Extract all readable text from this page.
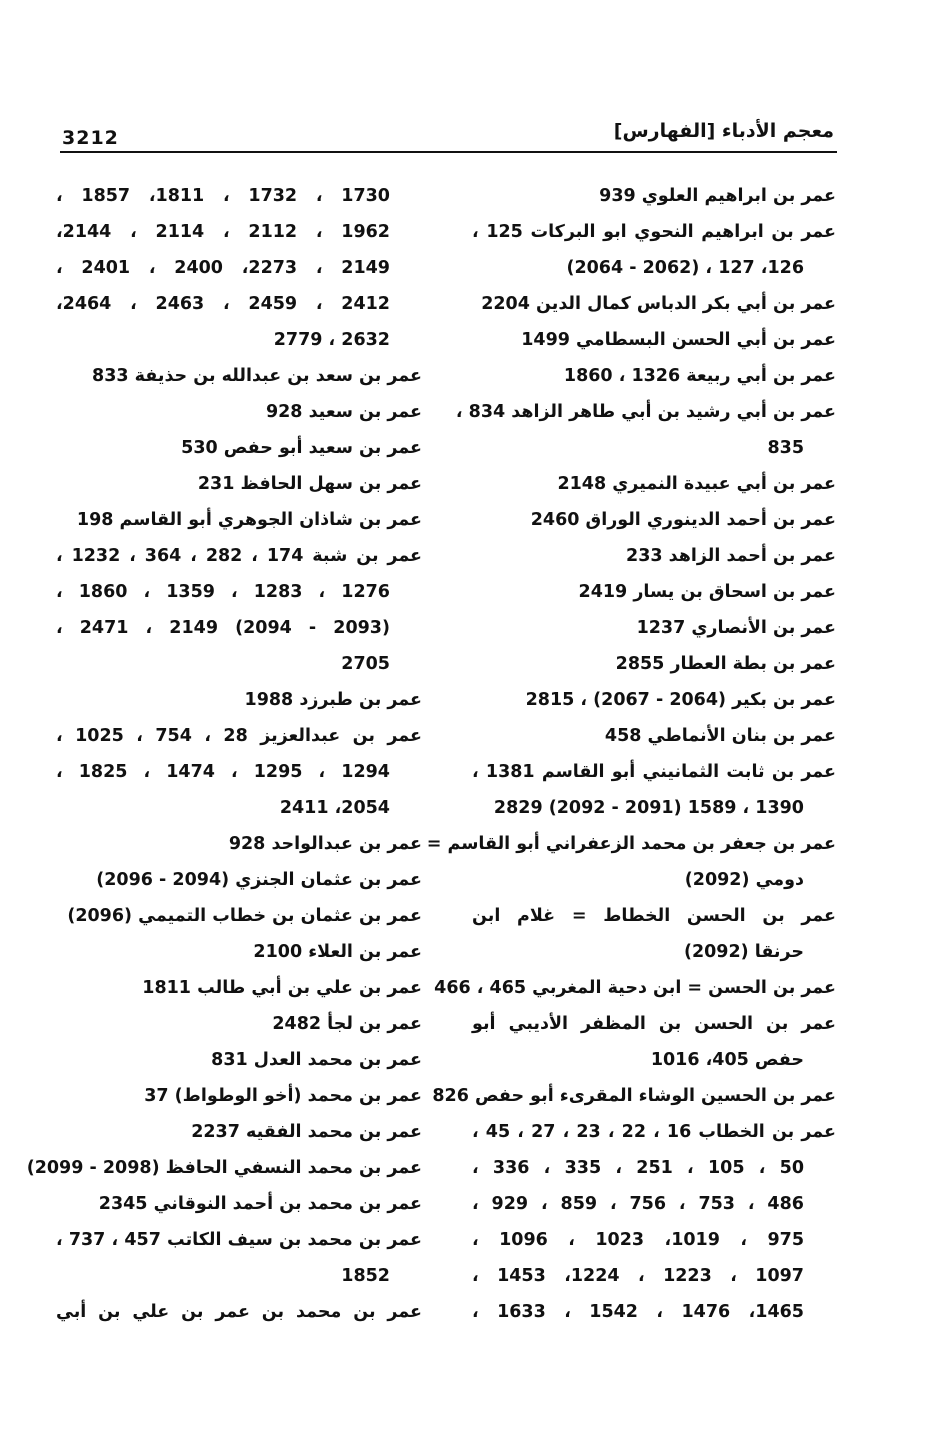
معجم الأدباء [الفهارس]
3212
عمر بن ابراهيم العلوي 939
عمر بن ابراهيم النحوي ابو البركات 125 ،
126، 127 ، (2062 - 2064)
عمر بن أبي بكر الدباس كمال الدين 2204
عمر بن أبي الحسن البسطامي 1499
عمر بن أبي ربيعة 1326 ، 1860
عمر بن أبي رشيد بن أبي طاهر الزاهد 834 ،
835
عمر بن أبي عبيدة النميري 2148
عمر بن أحمد الدينوري الوراق 2460
عمر بن أحمد الزاهد 233
عمر بن اسحاق بن يسار 2419
عمر بن الأنصاري 1237
عمر بن بطة العطار 2855
عمر بن بكير (2064 - 2067) ، 2815
عمر بن بنان الأنماطي 458
عمر بن ثابت الثمانيني أبو القاسم 1381 ،
1390 ، 1589 (2091 - 2092) 2829
عمر بن جعفر بن محمد الزعفراني أبو القاسم =
دومي (2092)
عمر بن الحسن الخطاط = غلام ابن
حرنقا (2092)
عمر بن الحسن = ابن دحية المغربي 465 ، 466
عمر بن الحسن بن المظفر الأديبي أبو
حفص 405، 1016
عمر بن الحسين الوشاء المقرىء أبو حفص 826
عمر بن الخطاب 16 ، 22 ، 23 ، 27 ، 45 ،
50 ، 105 ، 251 ، 335 ، 336 ،
486 ، 753 ، 756 ، 859 ، 929 ،
975 ، 1019، 1023 ، 1096 ،
1097 ، 1223 ، 1224، 1453 ،
1465، 1476 ، 1542 ، 1633 ،
1730 ، 1732 ، 1811، 1857 ،
1962 ، 2112 ، 2114 ، 2144،
2149 ، 2273، 2400 ، 2401 ،
2412 ، 2459 ، 2463 ، 2464،
2632 ، 2779
عمر بن سعد بن عبدالله بن حذيفة 833
عمر بن سعيد 928
عمر بن سعيد أبو حفص 530
عمر بن سهل الحافظ 231
عمر بن شاذان الجوهري أبو القاسم 198
عمر بن شبة 174 ، 282 ، 364 ، 1232 ،
1276 ، 1283 ، 1359 ، 1860 ،
(2093 - 2094) 2149 ، 2471 ،
2705
عمر بن طبرزد 1988
عمر بن عبدالعزيز 28 ، 754 ، 1025 ،
1294 ، 1295 ، 1474 ، 1825 ،
2054، 2411
عمر بن عبدالواحد 928
عمر بن عثمان الجنزي (2094 - 2096)
عمر بن عثمان بن خطاب التميمي (2096)
عمر بن العلاء 2100
عمر بن علي بن أبي طالب 1811
عمر بن لجأ 2482
عمر بن محمد العدل 831
عمر بن محمد (أخو الوطواط) 37
عمر بن محمد الفقيه 2237
عمر بن محمد النسفي الحافظ (2098 - 2099)
عمر بن محمد بن أحمد النوقاني 2345
عمر بن محمد بن سيف الكاتب 457 ، 737 ،
1852
عمر بن محمد بن عمر بن علي بن أبي
